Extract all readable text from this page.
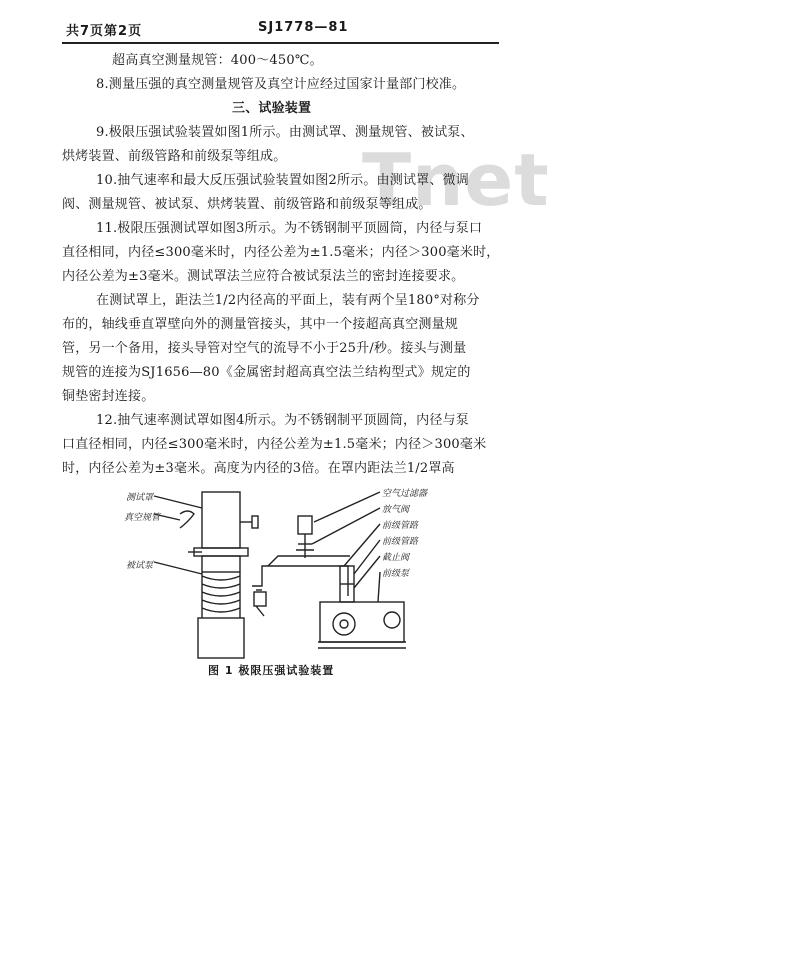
共7页第2页	SJ1778—81
Tnet
超高真空测量规管：400～450℃。
8.测量压强的真空测量规管及真空计应经过国家计量部门校准。
三、试验装置
9.极限压强试验装置如图1所示。由测试罩、测量规管、被试泵、
烘烤装置、前级管路和前级泵等组成。
10.抽气速率和最大反压强试验装置如图2所示。由测试罩、微调
阀、测量规管、被试泵、烘烤装置、前级管路和前级泵等组成。
11.极限压强测试罩如图3所示。为不锈钢制平顶圆筒，内径与泵口
直径相同，内径≤300毫米时，内径公差为±1.5毫米；内径＞300毫米时，
内径公差为±3毫米。测试罩法兰应符合被试泵法兰的密封连接要求。
在测试罩上，距法兰1/2内径高的平面上，装有两个呈180°对称分
布的，轴线垂直罩壁向外的测量管接头，其中一个接超高真空测量规
管，另一个备用，接头导管对空气的流导不小于25升/秒。接头与测量
规管的连接为SJ1656—80《金属密封超高真空法兰结构型式》规定的
铜垫密封连接。
12.抽气速率测试罩如图4所示。为不锈钢制平顶圆筒，内径与泵
口直径相同，内径≤300毫米时，内径公差为±1.5毫米；内径＞300毫米
时，内径公差为±3毫米。高度为内径的3倍。在罩内距法兰1/2罩高
测试罩
真空规管
被试泵
空气过滤器
放气阀
前级管路
前级管路
截止阀
前级泵
图 1 极限压强试验装置
